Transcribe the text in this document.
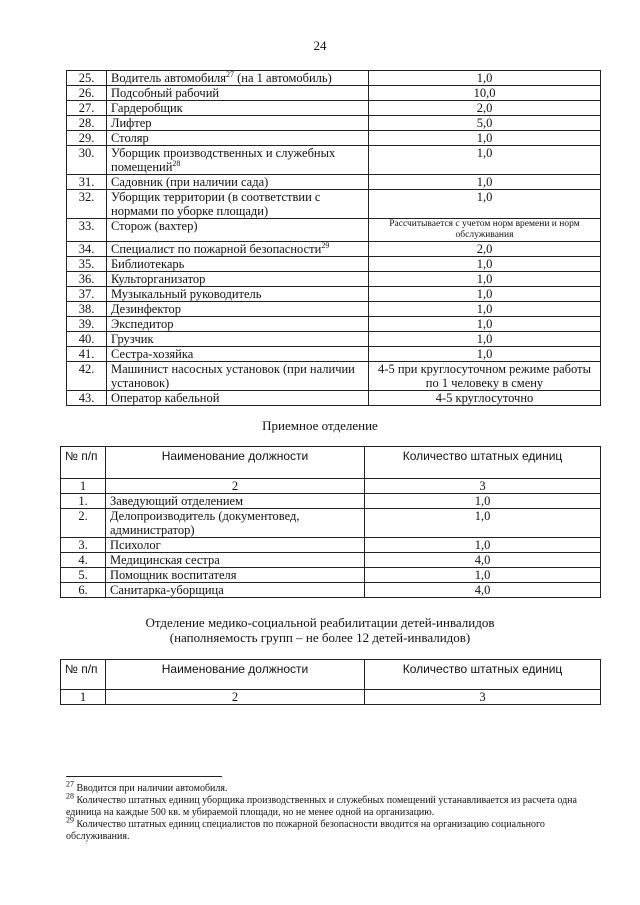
24
25.	Водитель автомобиля$^{27}$ (на 1 автомобиль)	1,0
26.	Подсобный рабочий	10,0
27.	Гардеробщик	2,0
28.	Лифтер	5,0
29.	Столяр	1,0
30.	Уборщик производственных и служебных помещений$^{28}$	1,0
31.	Садовник (при наличии сада)	1,0
32.	Уборщик территории (в соответствии с нормами по уборке площади)	1,0
33.	Сторож (вахтер)	Рассчитывается с учетом норм времени и норм обслуживания
34.	Специалист по пожарной безопасности$^{29}$	2,0
35.	Библиотекарь	1,0
36.	Культорганизатор	1,0
37.	Музыкальный руководитель	1,0
38.	Дезинфектор	1,0
39.	Экспедитор	1,0
40.	Грузчик	1,0
41.	Сестра-хозяйка	1,0
42.	Машинист насосных установок (при наличии установок)	4-5 при круглосуточном режиме работы по 1 человеку в смену
43.	Оператор кабельной	4-5 круглосуточно
Приемное отделение
№ п/п	Наименование должности	Количество штатных единиц
1	2	3
1.	Заведующий отделением	1,0
2.	Делопроизводитель (документовед, администратор)	1,0
3.	Психолог	1,0
4.	Медицинская сестра	4,0
5.	Помощник воспитателя	1,0
6.	Санитарка-уборщица	4,0
Отделение медико-социальной реабилитации детей-инвалидов
(наполняемость групп – не более 12 детей-инвалидов)
№ п/п	Наименование должности	Количество штатных единиц
1	2	3

$^{27}$ Вводится при наличии автомобиля.

$^{28}$ Количество штатных единиц уборщика производственных и служебных помещений устанавливается из расчета одна единица на каждые 500 кв. м убираемой площади, но не менее одной на организацию.

$^{29}$ Количество штатных единиц специалистов по пожарной безопасности вводится на организацию социального обслуживания.
